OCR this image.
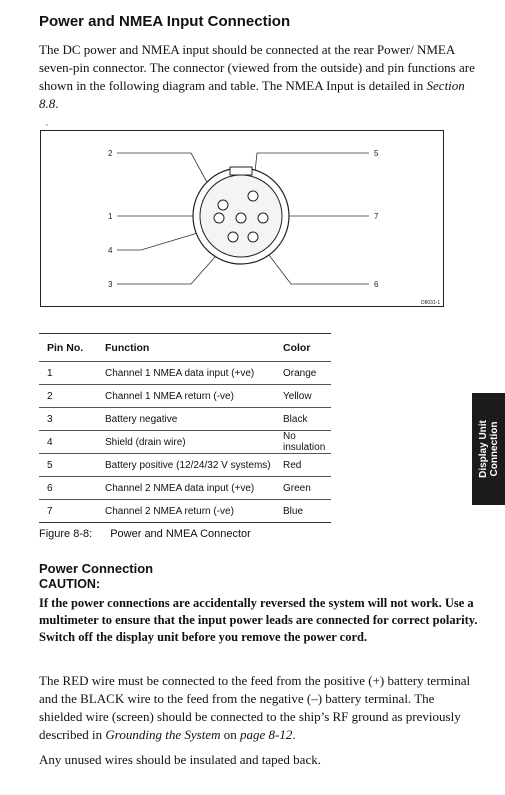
Power and NMEA Input Connection

The DC power and NMEA input should be connected at the rear Power/ NMEA seven-pin connector. The connector (viewed from the outside) and pin functions are shown in the following diagram and table. The NMEA Input is detailed in Section 8.8.

,
2
1
4
3
5
7
6
D8031-1
Pin No.	Function	Color
1	Channel 1 NMEA data input (+ve)	Orange
2	Channel 1 NMEA return (-ve)	Yellow
3	Battery negative	Black
4	Shield (drain wire)	No insulation
5	Battery positive (12/24/32 V systems)	Red
6	Channel 2 NMEA data input (+ve)	Green
7	Channel 2 NMEA return (-ve)	Blue

Figure 8-8: Power and NMEA Connector

Display Unit Connection
Power Connection

CAUTION:

If the power connections are accidentally reversed the system will not work. Use a multimeter to ensure that the input power leads are connected for correct polarity.
Switch off the display unit before you remove the power cord.

The RED wire must be connected to the feed from the positive (+) battery terminal and the BLACK wire to the feed from the negative (–) battery terminal. The shielded wire (screen) should be connected to the ship’s RF ground as previously described in Grounding the System on page 8-12.

Any unused wires should be insulated and taped back.
